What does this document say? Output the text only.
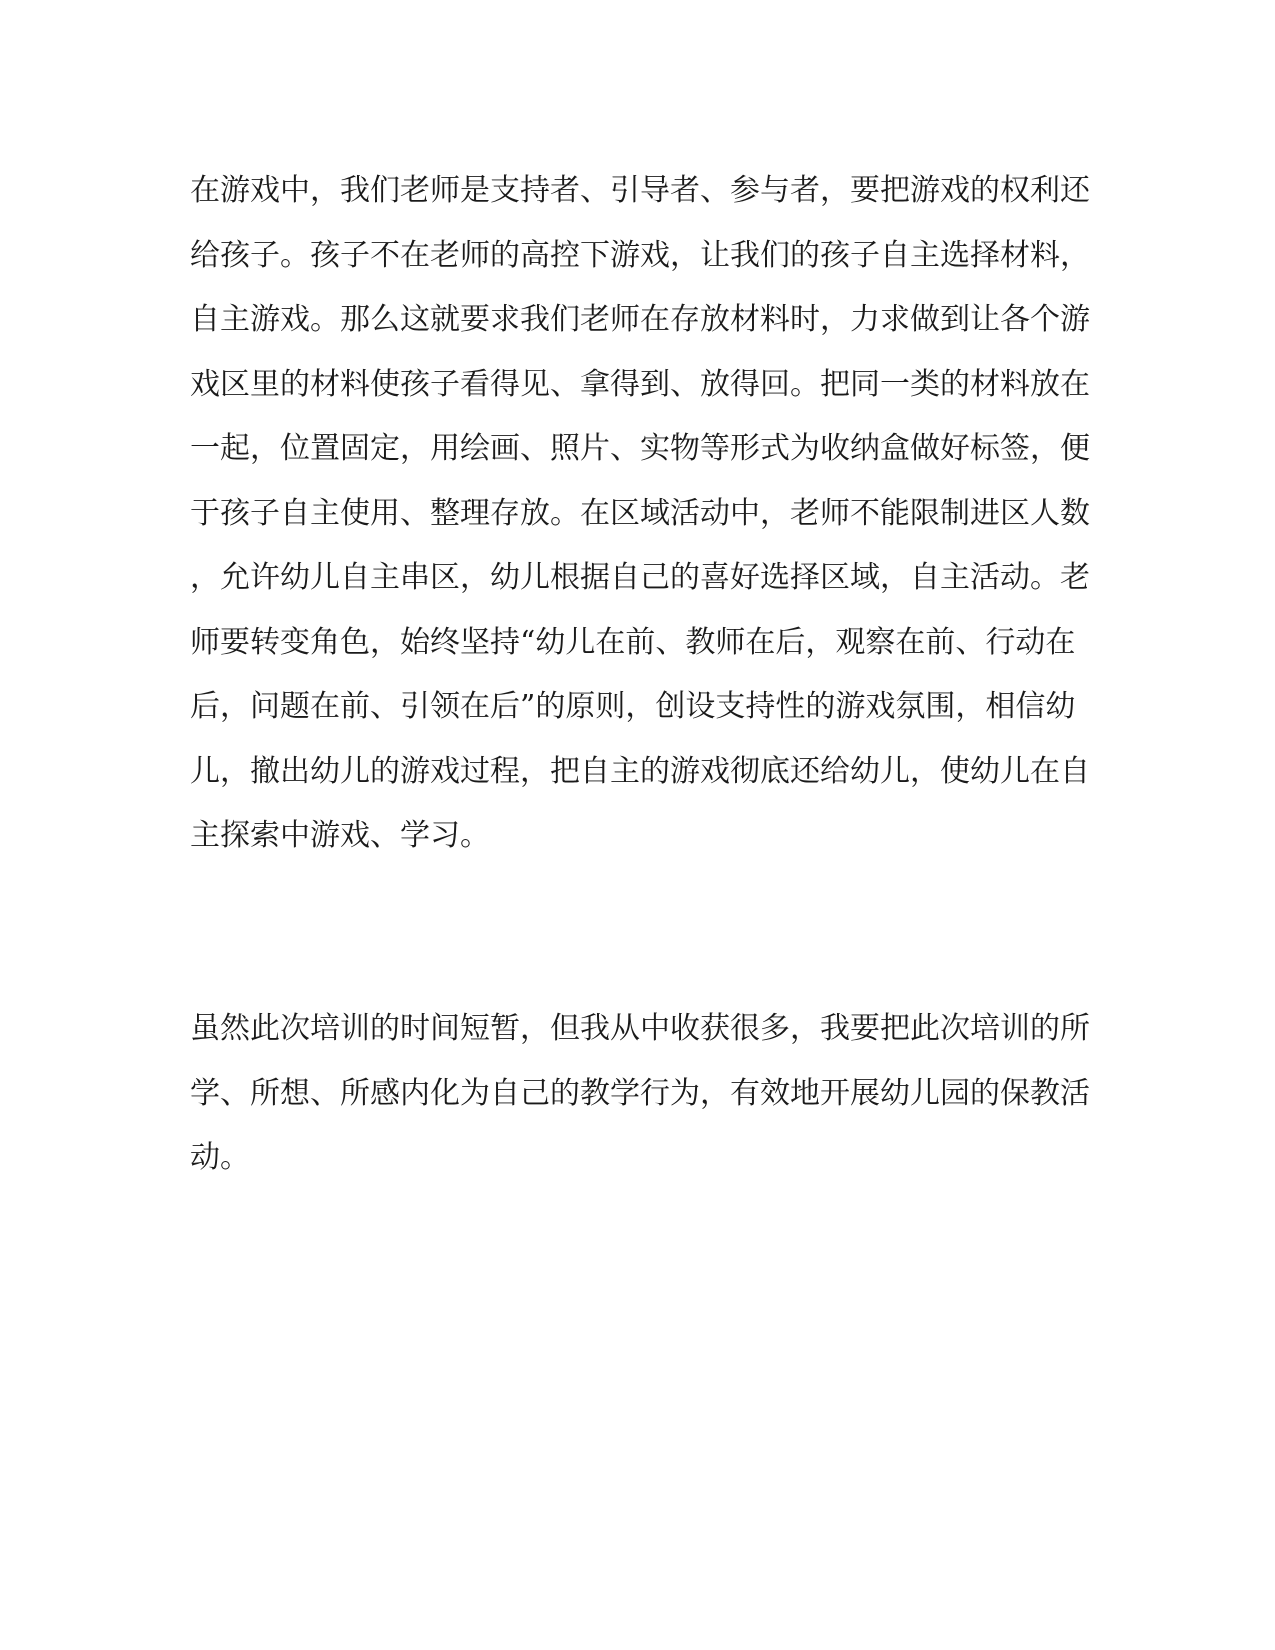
在游戏中，我们老师是支持者、引导者、参与者，要把游戏的权利还
给孩子。孩子不在老师的高控下游戏，让我们的孩子自主选择材料，
自主游戏。那么这就要求我们老师在存放材料时，力求做到让各个游
戏区里的材料使孩子看得见、拿得到、放得回。把同一类的材料放在
一起，位置固定，用绘画、照片、实物等形式为收纳盒做好标签，便
于孩子自主使用、整理存放。在区域活动中，老师不能限制进区人数
，允许幼儿自主串区，幼儿根据自己的喜好选择区域，自主活动。老
师要转变角色，始终坚持“幼儿在前、教师在后，观察在前、行动在
后，问题在前、引领在后”的原则，创设支持性的游戏氛围，相信幼
儿，撤出幼儿的游戏过程，把自主的游戏彻底还给幼儿，使幼儿在自
主探索中游戏、学习。

虽然此次培训的时间短暂，但我从中收获很多，我要把此次培训的所
学、所想、所感内化为自己的教学行为，有效地开展幼儿园的保教活
动。
